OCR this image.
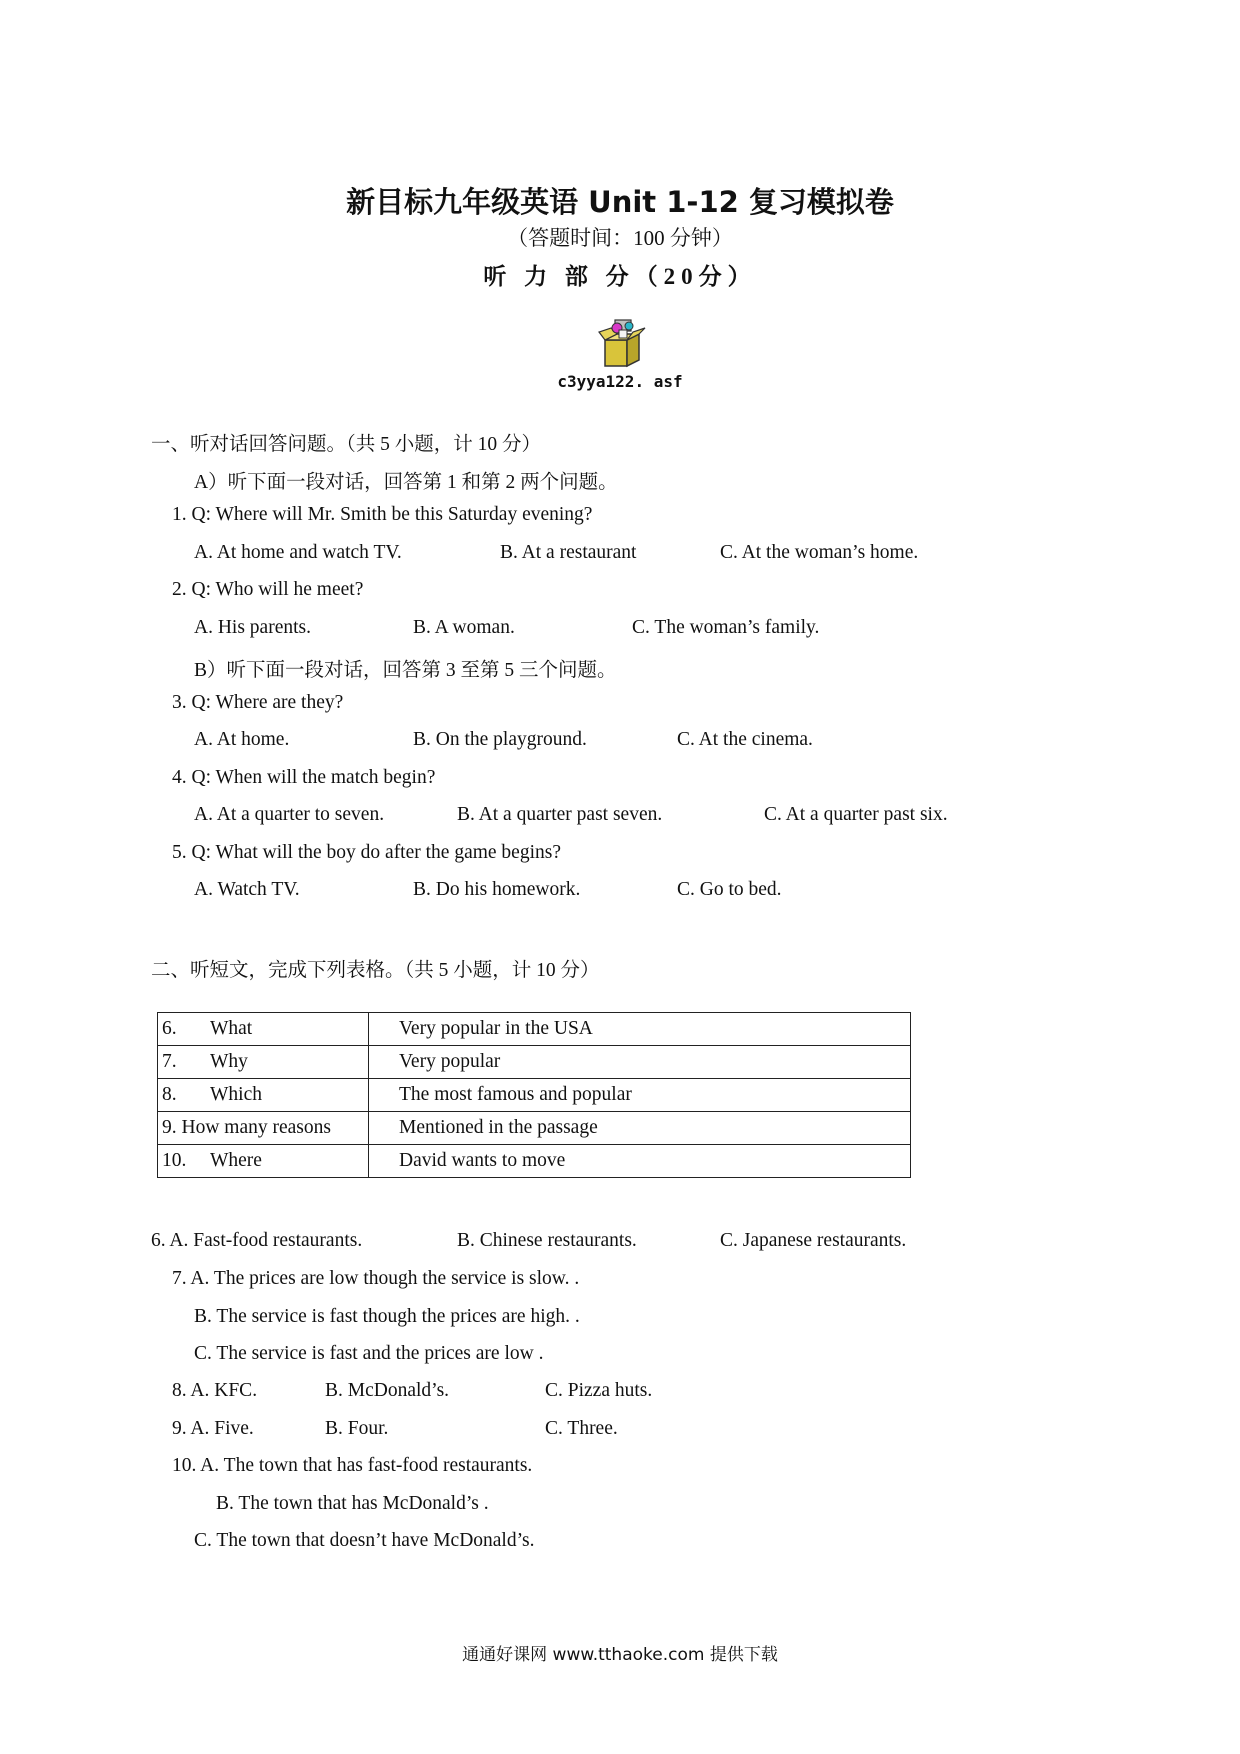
新目标九年级英语 Unit 1-12 复习模拟卷
（答题时间：100 分钟）
听 力 部 分（20分）
c3yya122. asf
一、听对话回答问题。（共 5 小题，计 10 分）
A）听下面一段对话，回答第 1 和第 2 两个问题。
1. Q: Where will Mr. Smith be this Saturday evening?
A. At home and watch TV.	B. At a restaurant	C. At the woman’s home.
2. Q: Who will he meet?
A. His parents.	B. A woman.	C. The woman’s family.
B）听下面一段对话，回答第 3 至第 5 三个问题。
3. Q: Where are they?
A. At home.	B. On the playground.	C. At the cinema.
4. Q: When will the match begin?
A. At a quarter to seven.	B. At a quarter past seven.	C. At a quarter past six.
5. Q: What will the boy do after the game begins?
A. Watch TV.	B. Do his homework.	C. Go to bed.
二、听短文，完成下列表格。（共 5 小题，计 10 分）
6. What	Very popular in the USA
7. Why	Very popular
8. Which	The most famous and popular
9. How many reasons	Mentioned in the passage
10. Where	David wants to move
6. A. Fast-food restaurants.	B. Chinese restaurants.	C. Japanese restaurants.
7. A. The prices are low though the service is slow. .
B. The service is fast though the prices are high. .
C. The service is fast and the prices are low .
8. A. KFC.	B. McDonald’s.	C. Pizza huts.
9. A. Five.	B. Four.	C. Three.
10. A. The town that has fast-food restaurants.
B. The town that has McDonald’s .
C. The town that doesn’t have McDonald’s.
通通好课网 www.tthaoke.com 提供下载
